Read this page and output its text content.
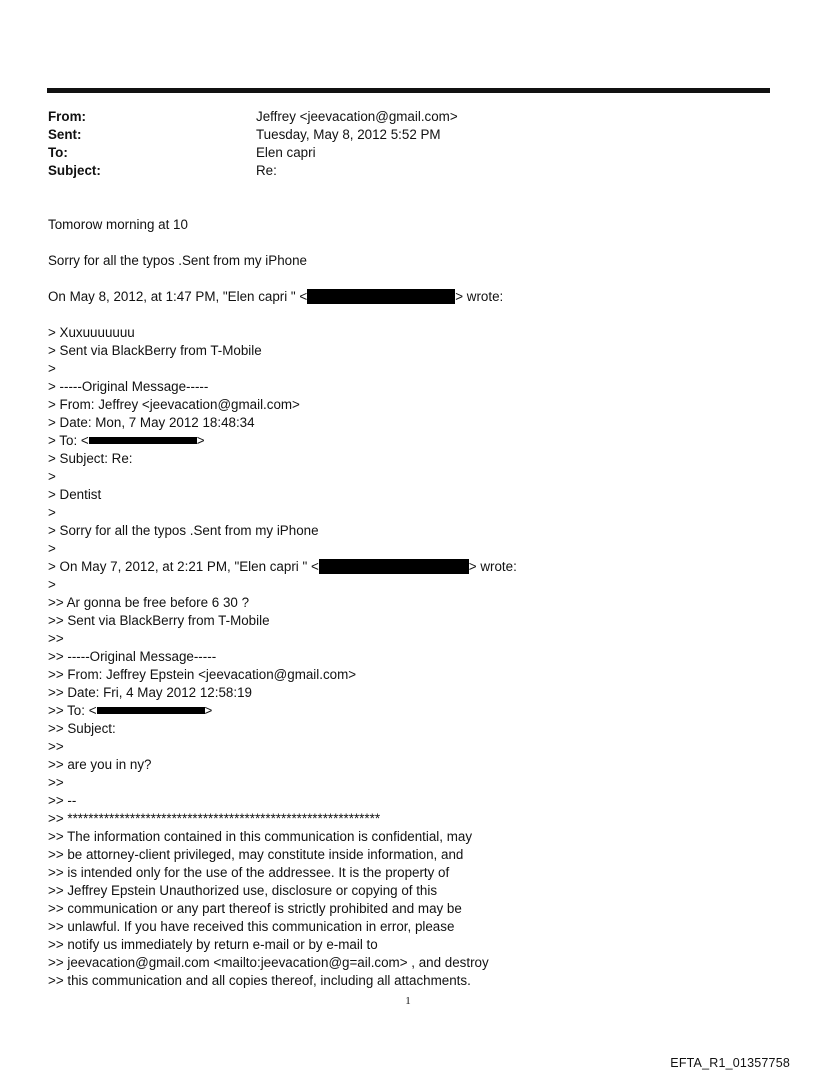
From:	Jeffrey <jeevacation@gmail.com>
Sent:	Tuesday, May 8, 2012 5:52 PM
To:	Elen capri
Subject:	Re:
Tomorow morning at 10
Sorry for all the typos .Sent from my iPhone
On May 8, 2012, at 1:47 PM, "Elen capri " <	> wrote:
> Xuxuuuuuuu
> Sent via BlackBerry from T-Mobile
>
> -----Original Message-----
> From: Jeffrey <jeevacation@gmail.com>
> Date: Mon, 7 May 2012 18:48:34
> To: <	>
> Subject: Re:
>
> Dentist
>
> Sorry for all the typos .Sent from my iPhone
>
> On May 7, 2012, at 2:21 PM, "Elen capri " <	> wrote:
>
>> Ar gonna be free before 6 30 ?
>> Sent via BlackBerry from T-Mobile
>>
>> -----Original Message-----
>> From: Jeffrey Epstein <jeevacation@gmail.com>
>> Date: Fri, 4 May 2012 12:58:19
>> To: <	>
>> Subject:
>>
>> are you in ny?
>>
>> --
>> ************************************************************
>> The information contained in this communication is confidential, may
>> be attorney-client privileged, may constitute inside information, and
>> is intended only for the use of the addressee. It is the property of
>> Jeffrey Epstein Unauthorized use, disclosure or copying of this
>> communication or any part thereof is strictly prohibited and may be
>> unlawful. If you have received this communication in error, please
>> notify us immediately by return e-mail or by e-mail to
>> jeevacation@gmail.com <mailto:jeevacation@g=ail.com> , and destroy
>> this communication and all copies thereof, including all attachments.
1
EFTA_R1_01357758
